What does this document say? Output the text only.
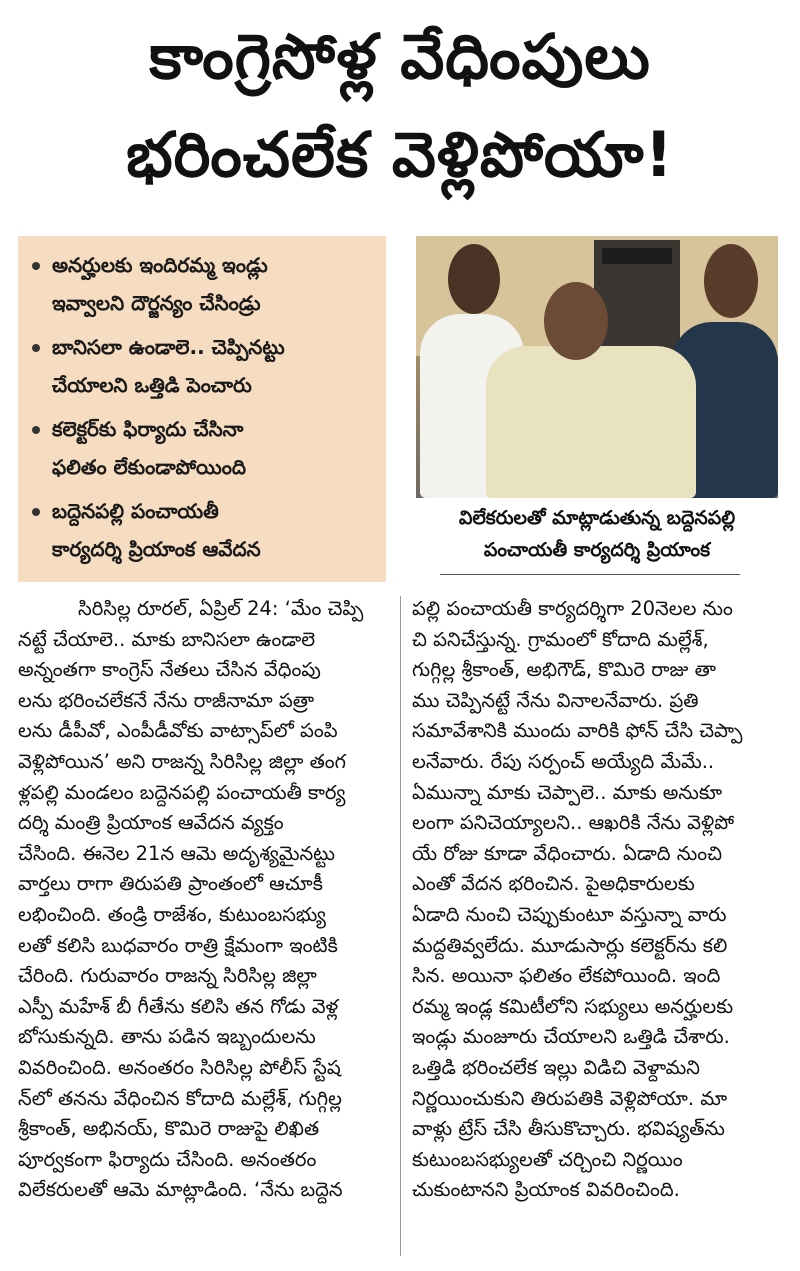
కాంగ్రెసోళ్ల వేధింపులు
భరించలేక వెళ్లిపోయా!
అనర్హులకు ఇందిరమ్మ ఇండ్లు
ఇవ్వాలని దౌర్జన్యం చేసిండ్రు
బానిసలా ఉండాలె.. చెప్పినట్టు
చేయాలని ఒత్తిడి పెంచారు
కలెక్టర్‌కు ఫిర్యాదు చేసినా
ఫలితం లేకుండాపోయింది
బద్దెనపల్లి పంచాయతీ
కార్యదర్శి ప్రియాంక ఆవేదన
విలేకరులతో మాట్లాడుతున్న బద్దెనపల్లి
పంచాయతీ కార్యదర్శి ప్రియాంక
సిరిసిల్ల రూరల్‌, ఏప్రిల్‌ 24: ‘మేం చెప్పి
నట్టే చేయాలె.. మాకు బానిసలా ఉండాలె
అన్నంతగా కాంగ్రెస్‌ నేతలు చేసిన వేధింపు
లను భరించలేకనే నేను రాజీనామా పత్రా
లను డీపీవో, ఎంపీడీవోకు వాట్సాప్‌లో పంపి
వెళ్లిపోయిన’ అని రాజన్న సిరిసిల్ల జిల్లా తంగ
ళ్లపల్లి మండలం బద్దెనపల్లి పంచాయతీ కార్య
దర్శి మంత్రి ప్రియాంక ఆవేదన వ్యక్తం
చేసింది. ఈనెల 21న ఆమె అదృశ్యమైనట్టు
వార్తలు రాగా తిరుపతి ప్రాంతంలో ఆచూకీ
లభించింది. తండ్రి రాజేశం, కుటుంబసభ్యు
లతో కలిసి బుధవారం రాత్రి క్షేమంగా ఇంటికి
చేరింది. గురువారం రాజన్న సిరిసిల్ల జిల్లా
ఎస్పీ మహేశ్‌ బీ గీతేను కలిసి తన గోడు వెళ్ల
బోసుకున్నది. తాను పడిన ఇబ్బందులను
వివరించింది. అనంతరం సిరిసిల్ల పోలీస్‌ స్టేష
న్‌లో తనను వేధించిన కోదాది మల్లేశ్‌, గుగ్గిల్ల
శ్రీకాంత్‌, అభినయ్‌, కొమిరె రాజుపై లిఖిత
పూర్వకంగా ఫిర్యాదు చేసింది. అనంతరం
విలేకరులతో ఆమె మాట్లాడింది. ‘నేను బద్దెన
పల్లి పంచాయతీ కార్యదర్శిగా 20నెలల నుం
చి పనిచేస్తున్న. గ్రామంలో కోదాది మల్లేశ్‌,
గుగ్గిల్ల శ్రీకాంత్‌, అభిగౌడ్‌, కొమిరె రాజు తా
ము చెప్పినట్టే నేను వినాలనేవారు. ప్రతి
సమావేశానికి ముందు వారికి ఫోన్‌ చేసి చెప్పా
లనేవారు. రేపు సర్పంచ్‌ అయ్యేది మేమే..
ఏమున్నా మాకు చెప్పాలె.. మాకు అనుకూ
లంగా పనిచెయ్యాలని.. ఆఖరికి నేను వెళ్లిపో
యే రోజు కూడా వేధించారు. ఏడాది నుంచి
ఎంతో వేదన భరించిన. పైఅధికారులకు
ఏడాది నుంచి చెప్పుకుంటూ వస్తున్నా వారు
మద్దతివ్వలేదు. మూడుసార్లు కలెక్టర్‌ను కలి
సిన. అయినా ఫలితం లేకపోయింది. ఇంది
రమ్మ ఇండ్ల కమిటీలోని సభ్యులు అనర్హులకు
ఇండ్లు మంజూరు చేయాలని ఒత్తిడి చేశారు.
ఒత్తిడి భరించలేక ఇల్లు విడిచి వెళ్దామని
నిర్ణయించుకుని తిరుపతికి వెళ్లిపోయా. మా
వాళ్లు ట్రేస్‌ చేసి తీసుకొచ్చారు. భవిష్యత్‌ను
కుటుంబసభ్యులతో చర్చించి నిర్ణయిం
చుకుంటానని ప్రియాంక వివరించింది.
